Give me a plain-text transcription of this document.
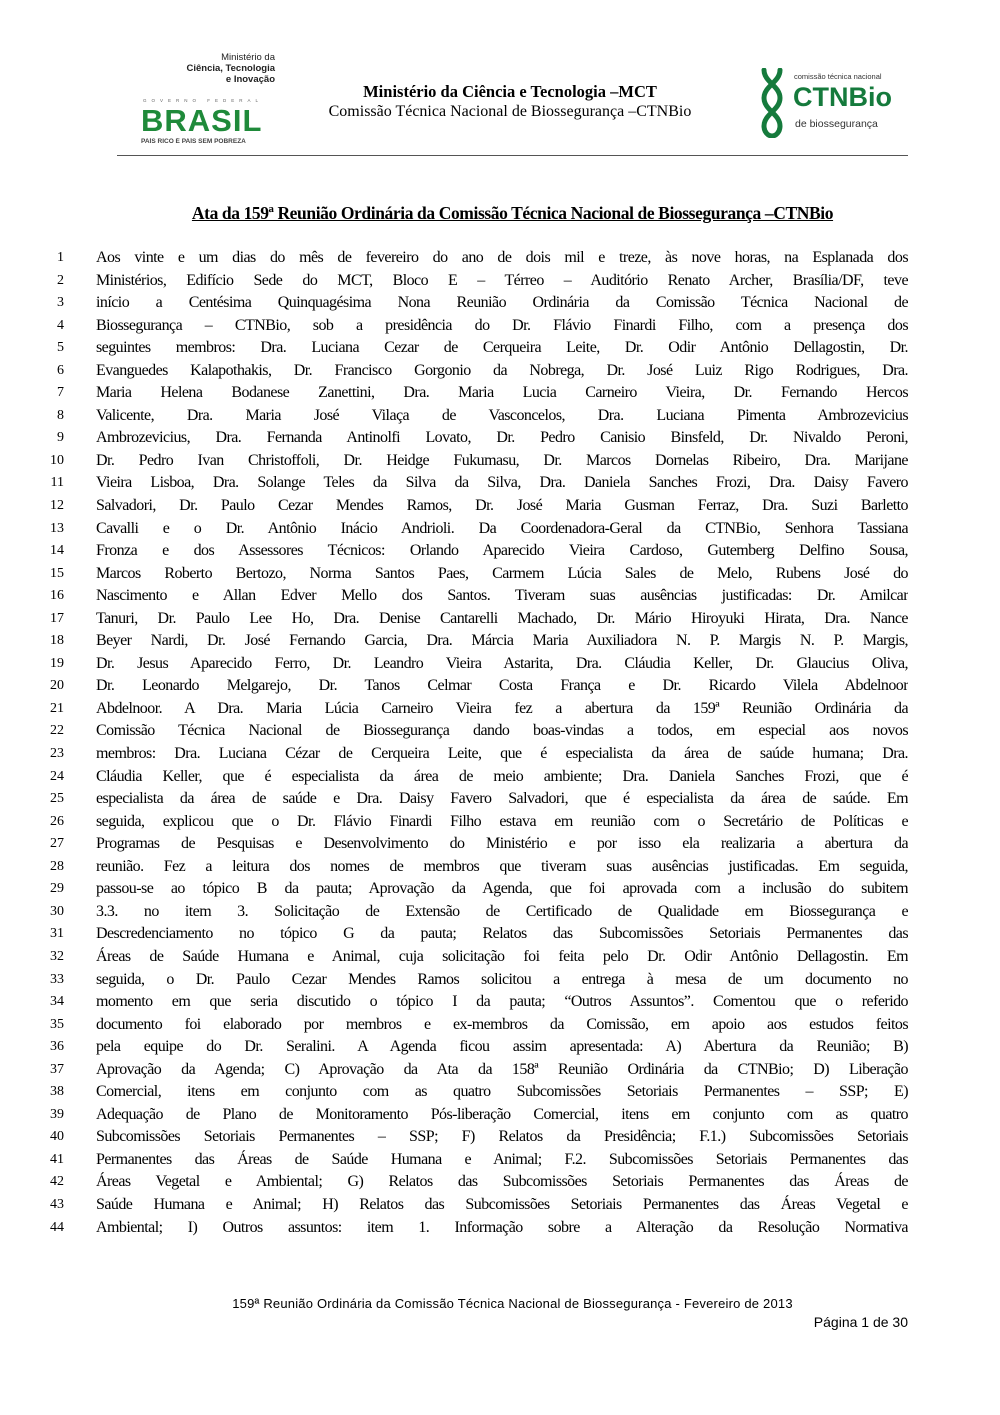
Ministério da
Ciência, Tecnologia
e Inovação
GOVERNO FEDERAL
BRASIL
PAÍS RICO É PAÍS SEM POBREZA
Ministério da Ciência e Tecnologia –MCT
Comissão Técnica Nacional de Biossegurança –CTNBio
comissão técnica nacional
CTNBio
de biossegurança
Ata da 159ª Reunião Ordinária da Comissão Técnica Nacional de Biossegurança –CTNBio
1 Aos vinte e um dias do mês de fevereiro do ano de dois mil e treze, às nove horas, na Esplanada dos
2 Ministérios, Edifício Sede do MCT, Bloco E – Térreo – Auditório Renato Archer, Brasília/DF, teve
3 início a Centésima Quinquagésima Nona Reunião Ordinária da Comissão Técnica Nacional de
4 Biossegurança – CTNBio, sob a presidência do Dr. Flávio Finardi Filho, com a presença dos
5 seguintes membros: Dra. Luciana Cezar de Cerqueira Leite, Dr. Odir Antônio Dellagostin, Dr.
6 Evanguedes Kalapothakis, Dr. Francisco Gorgonio da Nobrega, Dr. José Luiz Rigo Rodrigues, Dra.
7 Maria Helena Bodanese Zanettini, Dra. Maria Lucia Carneiro Vieira, Dr. Fernando Hercos
8 Valicente, Dra. Maria José Vilaça de Vasconcelos, Dra. Luciana Pimenta Ambrozevicius
9 Ambrozevicius, Dra. Fernanda Antinolfi Lovato, Dr. Pedro Canisio Binsfeld, Dr. Nivaldo Peroni,
10 Dr. Pedro Ivan Christoffoli, Dr. Heidge Fukumasu, Dr. Marcos Dornelas Ribeiro, Dra. Marijane
11 Vieira Lisboa, Dra. Solange Teles da Silva da Silva, Dra. Daniela Sanches Frozi, Dra. Daisy Favero
12 Salvadori, Dr. Paulo Cezar Mendes Ramos, Dr. José Maria Gusman Ferraz, Dra. Suzi Barletto
13 Cavalli e o Dr. Antônio Inácio Andrioli. Da Coordenadora-Geral da CTNBio, Senhora Tassiana
14 Fronza e dos Assessores Técnicos: Orlando Aparecido Vieira Cardoso, Gutemberg Delfino Sousa,
15 Marcos Roberto Bertozo, Norma Santos Paes, Carmem Lúcia Sales de Melo, Rubens José do
16 Nascimento e Allan Edver Mello dos Santos. Tiveram suas ausências justificadas: Dr. Amilcar
17 Tanuri, Dr. Paulo Lee Ho, Dra. Denise Cantarelli Machado, Dr. Mário Hiroyuki Hirata, Dra. Nance
18 Beyer Nardi, Dr. José Fernando Garcia, Dra. Márcia Maria Auxiliadora N. P. Margis N. P. Margis,
19 Dr. Jesus Aparecido Ferro, Dr. Leandro Vieira Astarita, Dra. Cláudia Keller, Dr. Glaucius Oliva,
20 Dr. Leonardo Melgarejo, Dr. Tanos Celmar Costa França e Dr. Ricardo Vilela Abdelnoor
21 Abdelnoor. A Dra. Maria Lúcia Carneiro Vieira fez a abertura da 159ª Reunião Ordinária da
22 Comissão Técnica Nacional de Biossegurança dando boas-vindas a todos, em especial aos novos
23 membros: Dra. Luciana Cézar de Cerqueira Leite, que é especialista da área de saúde humana; Dra.
24 Cláudia Keller, que é especialista da área de meio ambiente; Dra. Daniela Sanches Frozi, que é
25 especialista da área de saúde e Dra. Daisy Favero Salvadori, que é especialista da área de saúde. Em
26 seguida, explicou que o Dr. Flávio Finardi Filho estava em reunião com o Secretário de Políticas e
27 Programas de Pesquisas e Desenvolvimento do Ministério e por isso ela realizaria a abertura da
28 reunião. Fez a leitura dos nomes de membros que tiveram suas ausências justificadas. Em seguida,
29 passou-se ao tópico B da pauta; Aprovação da Agenda, que foi aprovada com a inclusão do subitem
30 3.3. no item 3. Solicitação de Extensão de Certificado de Qualidade em Biossegurança e
31 Descredenciamento no tópico G da pauta; Relatos das Subcomissões Setoriais Permanentes das
32 Áreas de Saúde Humana e Animal, cuja solicitação foi feita pelo Dr. Odir Antônio Dellagostin. Em
33 seguida, o Dr. Paulo Cezar Mendes Ramos solicitou a entrega à mesa de um documento no
34 momento em que seria discutido o tópico I da pauta; “Outros Assuntos”. Comentou que o referido
35 documento foi elaborado por membros e ex-membros da Comissão, em apoio aos estudos feitos
36 pela equipe do Dr. Seralini. A Agenda ficou assim apresentada: A) Abertura da Reunião; B)
37 Aprovação da Agenda; C) Aprovação da Ata da 158ª Reunião Ordinária da CTNBio; D) Liberação
38 Comercial, itens em conjunto com as quatro Subcomissões Setoriais Permanentes – SSP; E)
39 Adequação de Plano de Monitoramento Pós-liberação Comercial, itens em conjunto com as quatro
40 Subcomissões Setoriais Permanentes – SSP; F) Relatos da Presidência; F.1.) Subcomissões Setoriais
41 Permanentes das Áreas de Saúde Humana e Animal; F.2. Subcomissões Setoriais Permanentes das
42 Áreas Vegetal e Ambiental; G) Relatos das Subcomissões Setoriais Permanentes das Áreas de
43 Saúde Humana e Animal; H) Relatos das Subcomissões Setoriais Permanentes das Áreas Vegetal e
44 Ambiental; I) Outros assuntos: item 1. Informação sobre a Alteração da Resolução Normativa
159ª Reunião Ordinária da Comissão Técnica Nacional de Biossegurança - Fevereiro de 2013
Página 1 de 30
